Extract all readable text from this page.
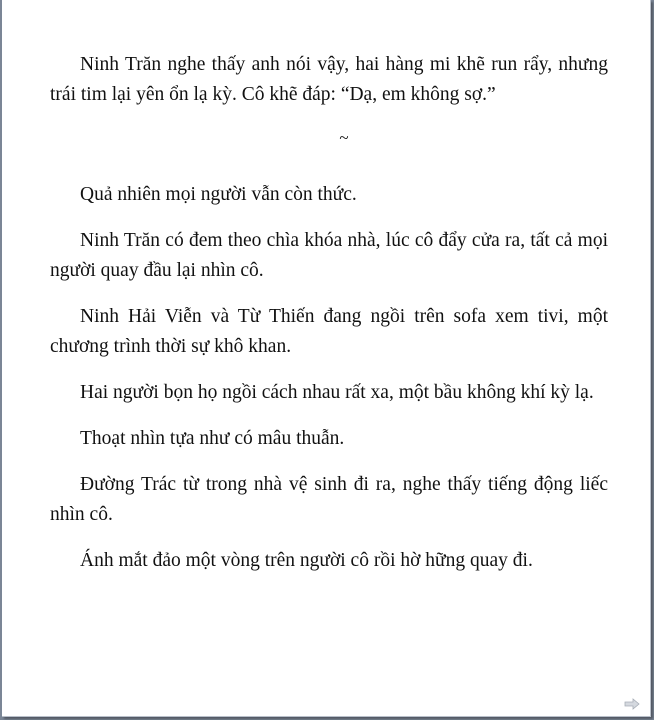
Ninh Trăn nghe thấy anh nói vậy, hai hàng mi khẽ run rẩy, nhưng trái tim lại yên ổn lạ kỳ. Cô khẽ đáp: “Dạ, em không sợ.”

~

Quả nhiên mọi người vẫn còn thức.

Ninh Trăn có đem theo chìa khóa nhà, lúc cô đẩy cửa ra, tất cả mọi người quay đầu lại nhìn cô.

Ninh Hải Viễn và Từ Thiến đang ngồi trên sofa xem tivi, một chương trình thời sự khô khan.

Hai người bọn họ ngồi cách nhau rất xa, một bầu không khí kỳ lạ.

Thoạt nhìn tựa như có mâu thuẫn.

Đường Trác từ trong nhà vệ sinh đi ra, nghe thấy tiếng động liếc nhìn cô.

Ánh mắt đảo một vòng trên người cô rồi hờ hững quay đi.
